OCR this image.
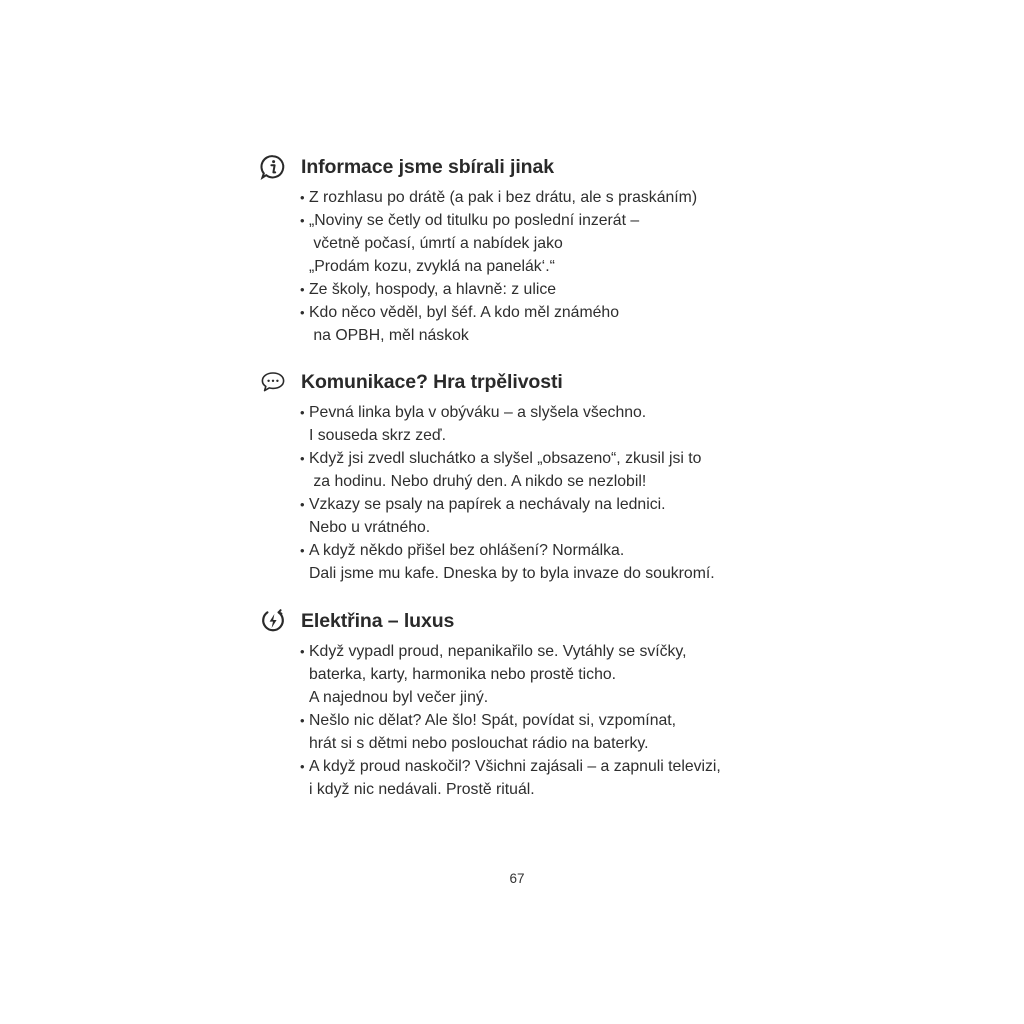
Informace jsme sbírali jinak
• Z rozhlasu po drátě (a pak i bez drátu, ale s praskáním)
• „Noviny se četly od titulku po poslední inzerát –
včetně počasí, úmrtí a nabídek jako
„Prodám kozu, zvyklá na panelák‘.“
• Ze školy, hospody, a hlavně: z ulice
• Kdo něco věděl, byl šéf. A kdo měl známého
na OPBH, měl náskok
Komunikace? Hra trpělivosti
• Pevná linka byla v obýváku – a slyšela všechno.
I souseda skrz zeď.
• Když jsi zvedl sluchátko a slyšel „obsazeno“, zkusil jsi to
za hodinu. Nebo druhý den. A nikdo se nezlobil!
• Vzkazy se psaly na papírek a nechávaly na lednici.
Nebo u vrátného.
• A když někdo přišel bez ohlášení? Normálka.
Dali jsme mu kafe. Dneska by to byla invaze do soukromí.
Elektřina – luxus
• Když vypadl proud, nepanikařilo se. Vytáhly se svíčky,
baterka, karty, harmonika nebo prostě ticho.
A najednou byl večer jiný.
• Nešlo nic dělat? Ale šlo! Spát, povídat si, vzpomínat,
hrát si s dětmi nebo poslouchat rádio na baterky.
• A když proud naskočil? Všichni zajásali – a zapnuli televizi,
i když nic nedávali. Prostě rituál.
67
